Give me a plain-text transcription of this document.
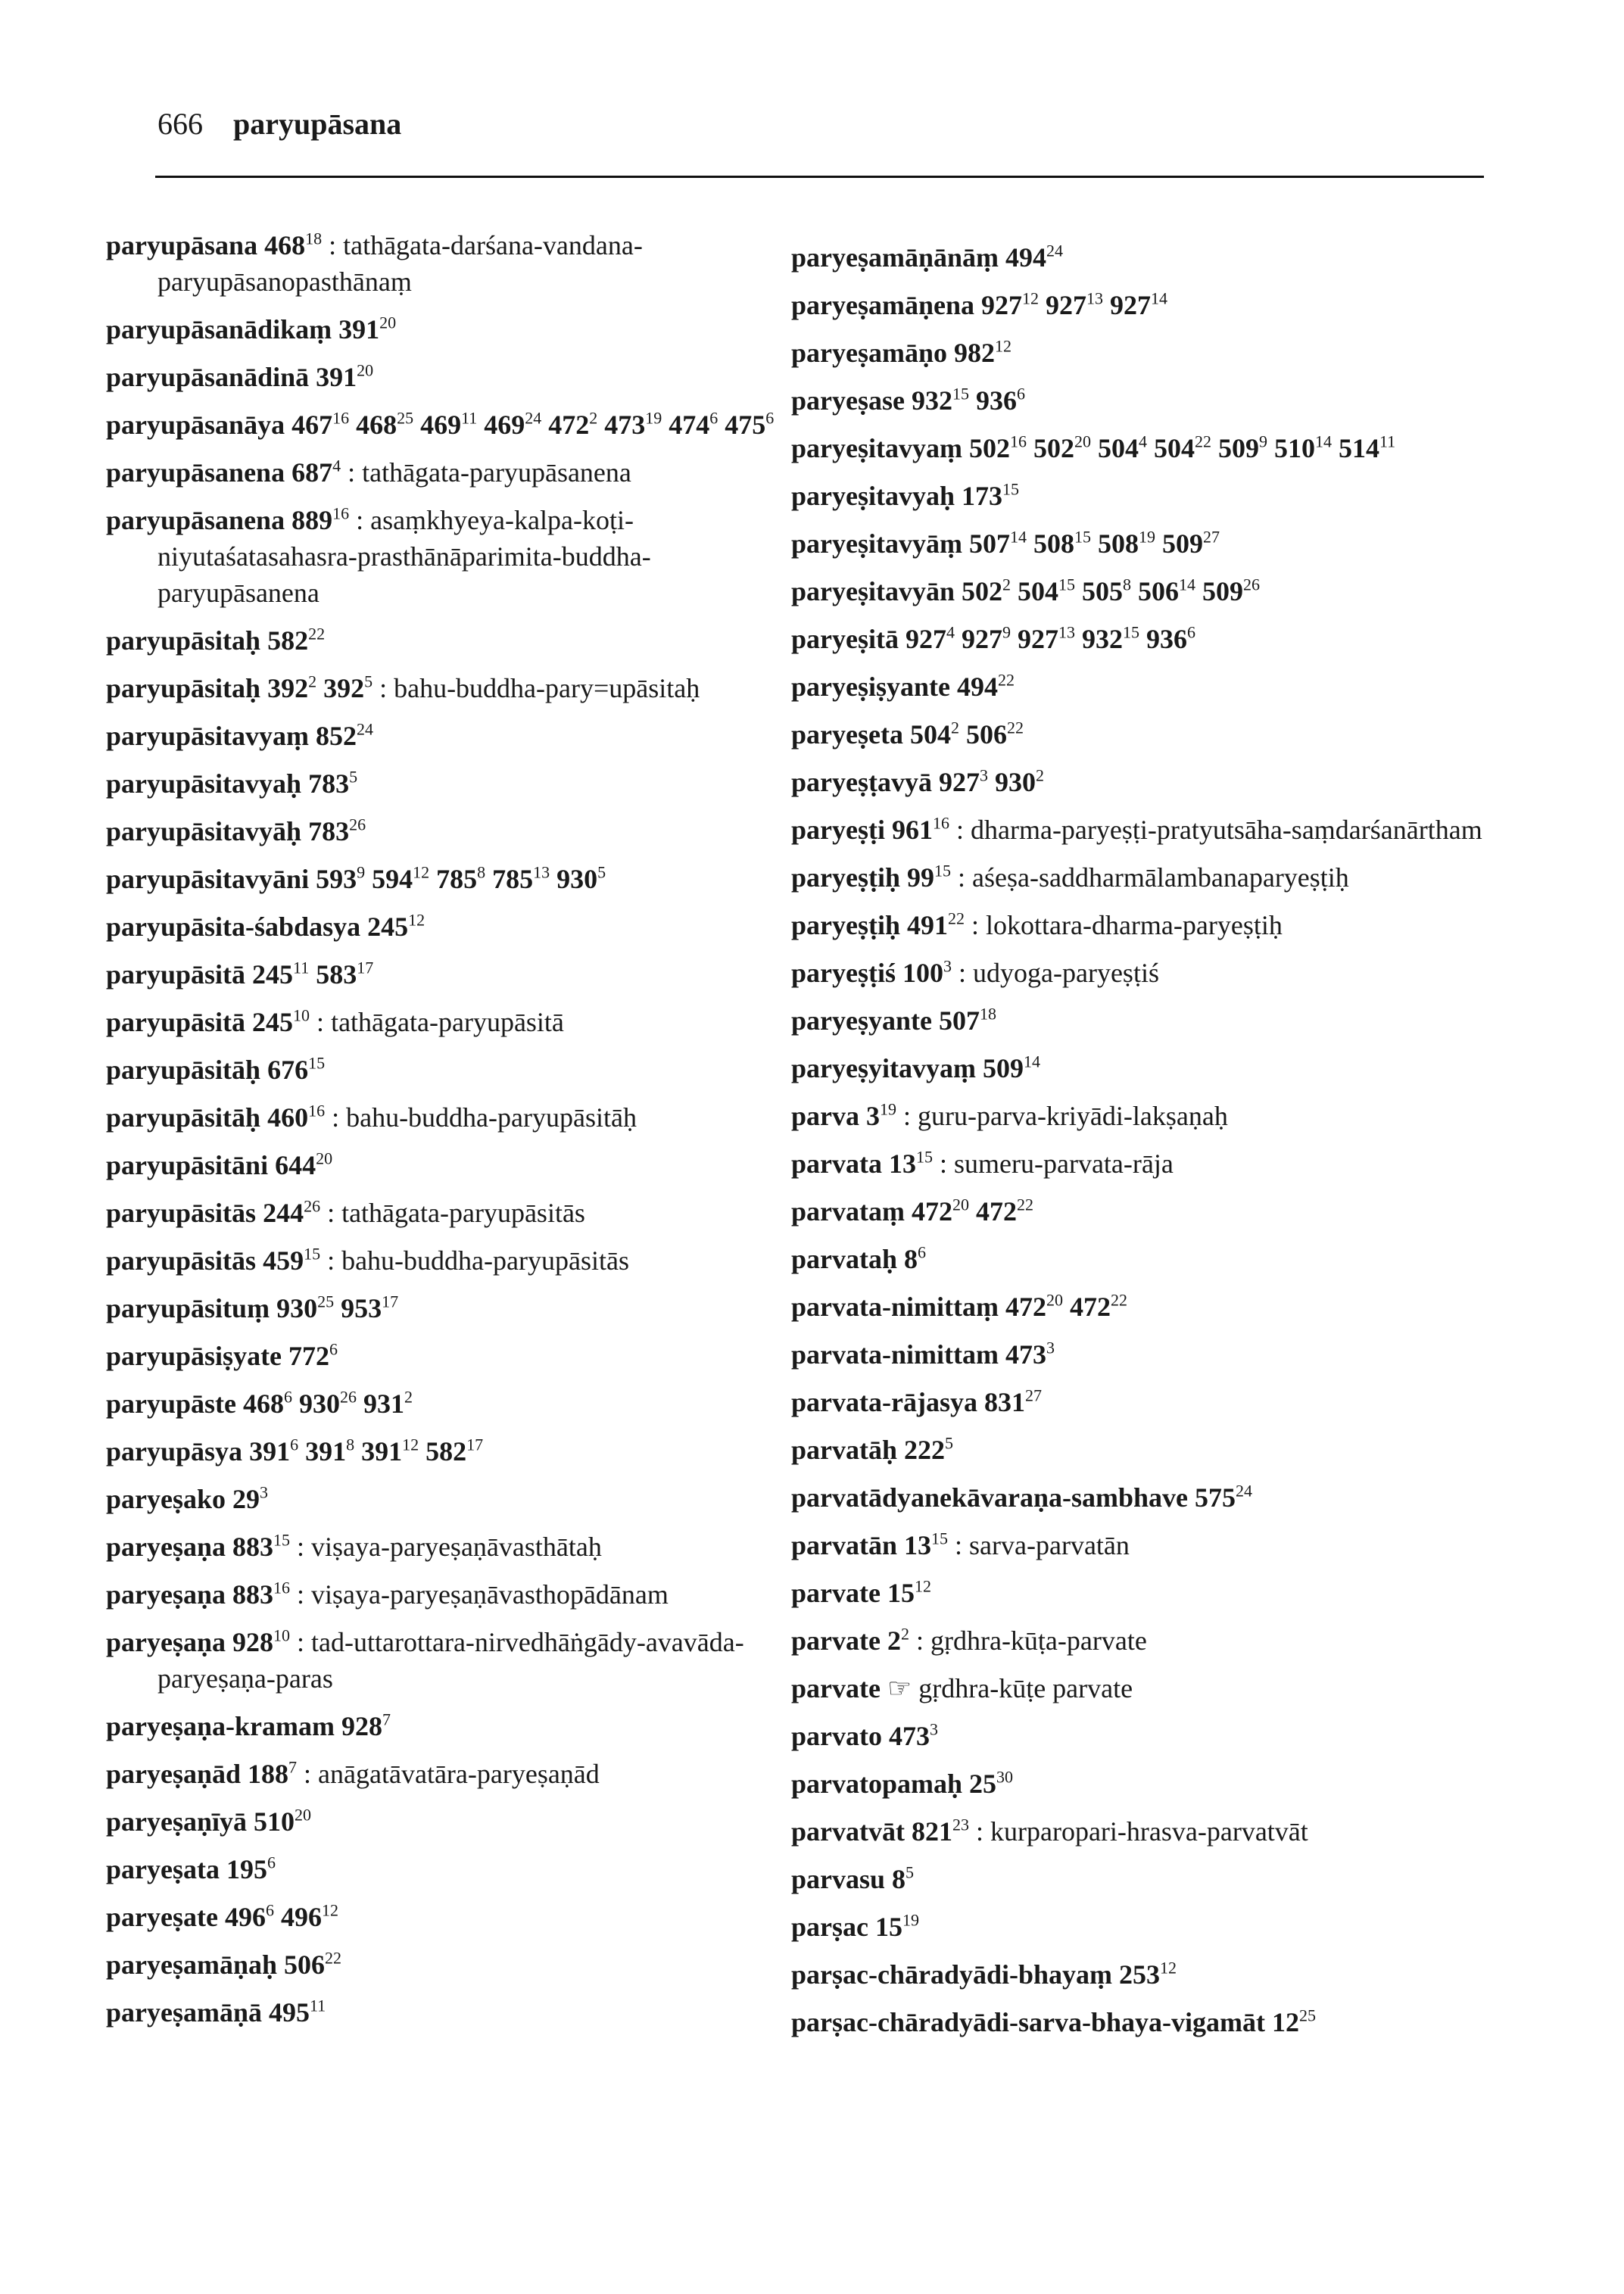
666 paryupāsana
paryupāsana 468$^{18}$ : tathāgata-darśana-vandana-paryupāsanopasthānaṃ
paryupāsanādikaṃ 391$^{20}$
paryupāsanādinā 391$^{20}$
paryupāsanāya 467$^{16}$ 468$^{25}$ 469$^{11}$ 469$^{24}$ 472$^2$ 473$^{19}$ 474$^6$ 475$^6$
paryupāsanena 687$^4$ : tathāgata-paryupāsanena
paryupāsanena 889$^{16}$ : asaṃkhyeya-kalpa-koṭi-niyutaśatasahasra-prasthānāparimita-buddha-paryupāsanena
paryupāsitaḥ 582$^{22}$
paryupāsitaḥ 392$^2$ 392$^5$ : bahu-buddha-pary=upāsitaḥ
paryupāsitavyaṃ 852$^{24}$
paryupāsitavyaḥ 783$^5$
paryupāsitavyāḥ 783$^{26}$
paryupāsitavyāni 593$^9$ 594$^{12}$ 785$^8$ 785$^{13}$ 930$^5$
paryupāsita-śabdasya 245$^{12}$
paryupāsitā 245$^{11}$ 583$^{17}$
paryupāsitā 245$^{10}$ : tathāgata-paryupāsitā
paryupāsitāḥ 676$^{15}$
paryupāsitāḥ 460$^{16}$ : bahu-buddha-paryupāsitāḥ
paryupāsitāni 644$^{20}$
paryupāsitās 244$^{26}$ : tathāgata-paryupāsitās
paryupāsitās 459$^{15}$ : bahu-buddha-paryupāsitās
paryupāsituṃ 930$^{25}$ 953$^{17}$
paryupāsiṣyate 772$^6$
paryupāste 468$^6$ 930$^{26}$ 931$^2$
paryupāsya 391$^6$ 391$^8$ 391$^{12}$ 582$^{17}$
paryeṣako 29$^3$
paryeṣaṇa 883$^{15}$ : viṣaya-paryeṣaṇāvasthātaḥ
paryeṣaṇa 883$^{16}$ : viṣaya-paryeṣaṇāvasthopādānam
paryeṣaṇa 928$^{10}$ : tad-uttarottara-nirvedhāṅgādy-avavāda-paryeṣaṇa-paras
paryeṣaṇa-kramam 928$^7$
paryeṣaṇād 188$^7$ : anāgatāvatāra-paryeṣaṇād
paryeṣaṇīyā 510$^{20}$
paryeṣata 195$^6$
paryeṣate 496$^6$ 496$^{12}$
paryeṣamāṇaḥ 506$^{22}$
paryeṣamāṇā 495$^{11}$
paryeṣamāṇānāṃ 494$^{24}$
paryeṣamāṇena 927$^{12}$ 927$^{13}$ 927$^{14}$
paryeṣamāṇo 982$^{12}$
paryeṣase 932$^{15}$ 936$^6$
paryeṣitavyaṃ 502$^{16}$ 502$^{20}$ 504$^4$ 504$^{22}$ 509$^9$ 510$^{14}$ 514$^{11}$
paryeṣitavyaḥ 173$^{15}$
paryeṣitavyāṃ 507$^{14}$ 508$^{15}$ 508$^{19}$ 509$^{27}$
paryeṣitavyān 502$^2$ 504$^{15}$ 505$^8$ 506$^{14}$ 509$^{26}$
paryeṣitā 927$^4$ 927$^9$ 927$^{13}$ 932$^{15}$ 936$^6$
paryeṣiṣyante 494$^{22}$
paryeṣeta 504$^2$ 506$^{22}$
paryeṣṭavyā 927$^3$ 930$^2$
paryeṣṭi 961$^{16}$ : dharma-paryeṣṭi-pratyutsāha-saṃdarśanārtham
paryeṣṭiḥ 99$^{15}$ : aśeṣa-saddharmālambanaparyeṣṭiḥ
paryeṣṭiḥ 491$^{22}$ : lokottara-dharma-paryeṣṭiḥ
paryeṣṭiś 100$^3$ : udyoga-paryeṣṭiś
paryeṣyante 507$^{18}$
paryeṣyitavyaṃ 509$^{14}$
parva 3$^{19}$ : guru-parva-kriyādi-lakṣaṇaḥ
parvata 13$^{15}$ : sumeru-parvata-rāja
parvataṃ 472$^{20}$ 472$^{22}$
parvataḥ 8$^6$
parvata-nimittaṃ 472$^{20}$ 472$^{22}$
parvata-nimittam 473$^3$
parvata-rājasya 831$^{27}$
parvatāḥ 222$^5$
parvatādyanekāvaraṇa-sambhave 575$^{24}$
parvatān 13$^{15}$ : sarva-parvatān
parvate 15$^{12}$
parvate 2$^2$ : gṛdhra-kūṭa-parvate
parvate ☞ gṛdhra-kūṭe parvate
parvato 473$^3$
parvatopamaḥ 25$^{30}$
parvatvāt 821$^{23}$ : kurparopari-hrasva-parvatvāt
parvasu 8$^5$
parṣac 15$^{19}$
parṣac-chāradyādi-bhayaṃ 253$^{12}$
parṣac-chāradyādi-sarva-bhaya-vigamāt 12$^{25}$
